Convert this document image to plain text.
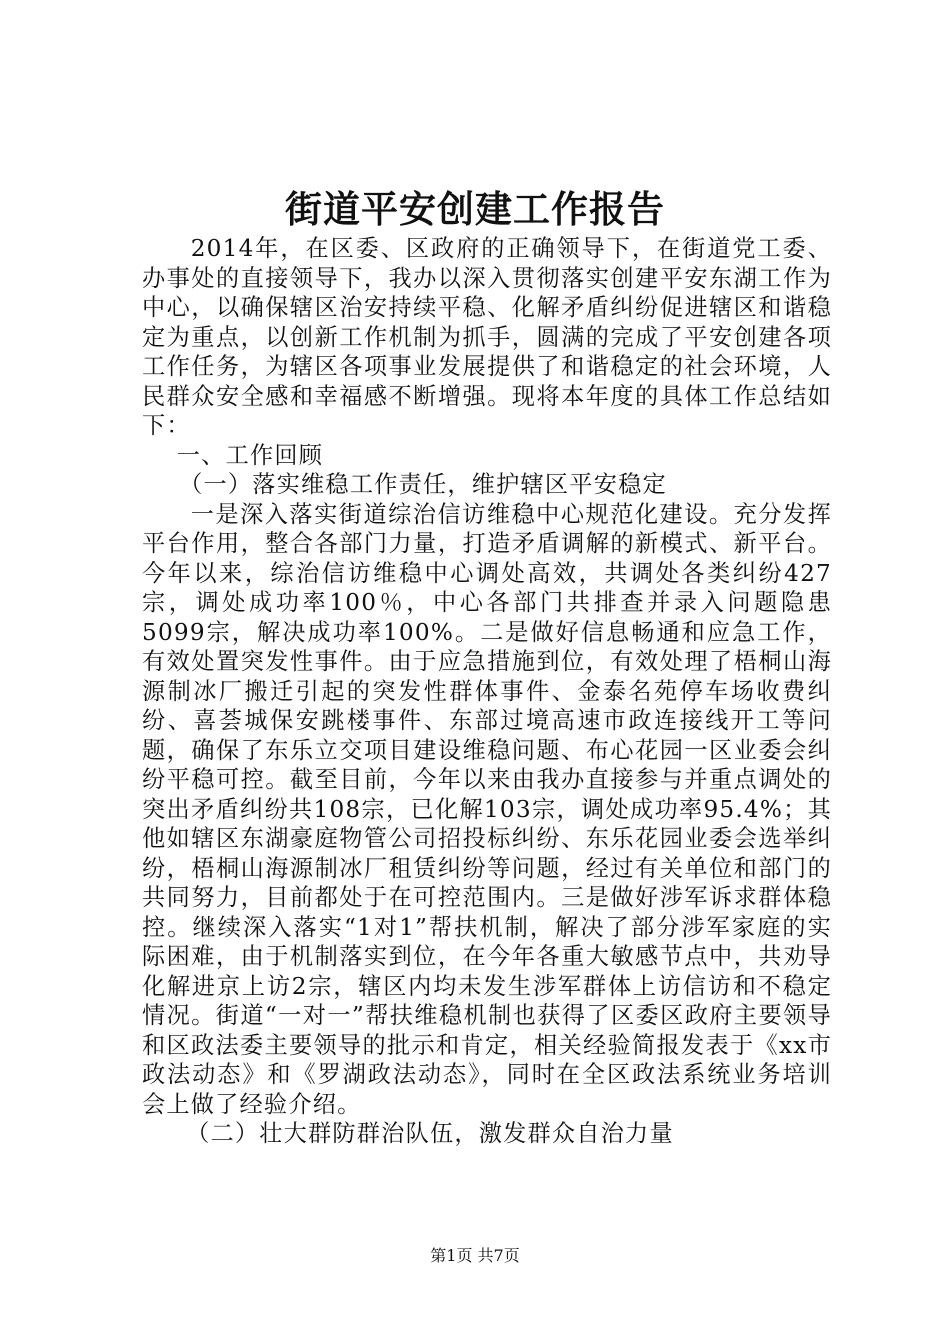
街道平安创建工作报告

2014年，在区委、区政府的正确领导下，在街道党工委、办事处的直接领导下，我办以深入贯彻落实创建平安东湖工作为中心，以确保辖区治安持续平稳、化解矛盾纠纷促进辖区和谐稳定为重点，以创新工作机制为抓手，圆满的完成了平安创建各项工作任务，为辖区各项事业发展提供了和谐稳定的社会环境，人民群众安全感和幸福感不断增强。现将本年度的具体工作总结如下：

一、工作回顾

（一）落实维稳工作责任，维护辖区平安稳定

一是深入落实街道综治信访维稳中心规范化建设。充分发挥平台作用，整合各部门力量，打造矛盾调解的新模式、新平台。今年以来，综治信访维稳中心调处高效，共调处各类纠纷427宗，调处成功率100％，中心各部门共排查并录入问题隐患5099宗，解决成功率100%。二是做好信息畅通和应急工作，有效处置突发性事件。由于应急措施到位，有效处理了梧桐山海源制冰厂搬迁引起的突发性群体事件、金泰名苑停车场收费纠纷、喜荟城保安跳楼事件、东部过境高速市政连接线开工等问题，确保了东乐立交项目建设维稳问题、布心花园一区业委会纠纷平稳可控。截至目前，今年以来由我办直接参与并重点调处的突出矛盾纠纷共108宗，已化解103宗，调处成功率95.4%；其他如辖区东湖豪庭物管公司招投标纠纷、东乐花园业委会选举纠纷，梧桐山海源制冰厂租赁纠纷等问题，经过有关单位和部门的共同努力，目前都处于在可控范围内。三是做好涉军诉求群体稳控。继续深入落实“1对1”帮扶机制，解决了部分涉军家庭的实际困难，由于机制落实到位，在今年各重大敏感节点中，共劝导化解进京上访2宗，辖区内均未发生涉军群体上访信访和不稳定情况。街道“一对一”帮扶维稳机制也获得了区委区政府主要领导和区政法委主要领导的批示和肯定，相关经验简报发表于《xx市政法动态》和《罗湖政法动态》，同时在全区政法系统业务培训会上做了经验介绍。

（二）壮大群防群治队伍，激发群众自治力量

第1页 共7页
